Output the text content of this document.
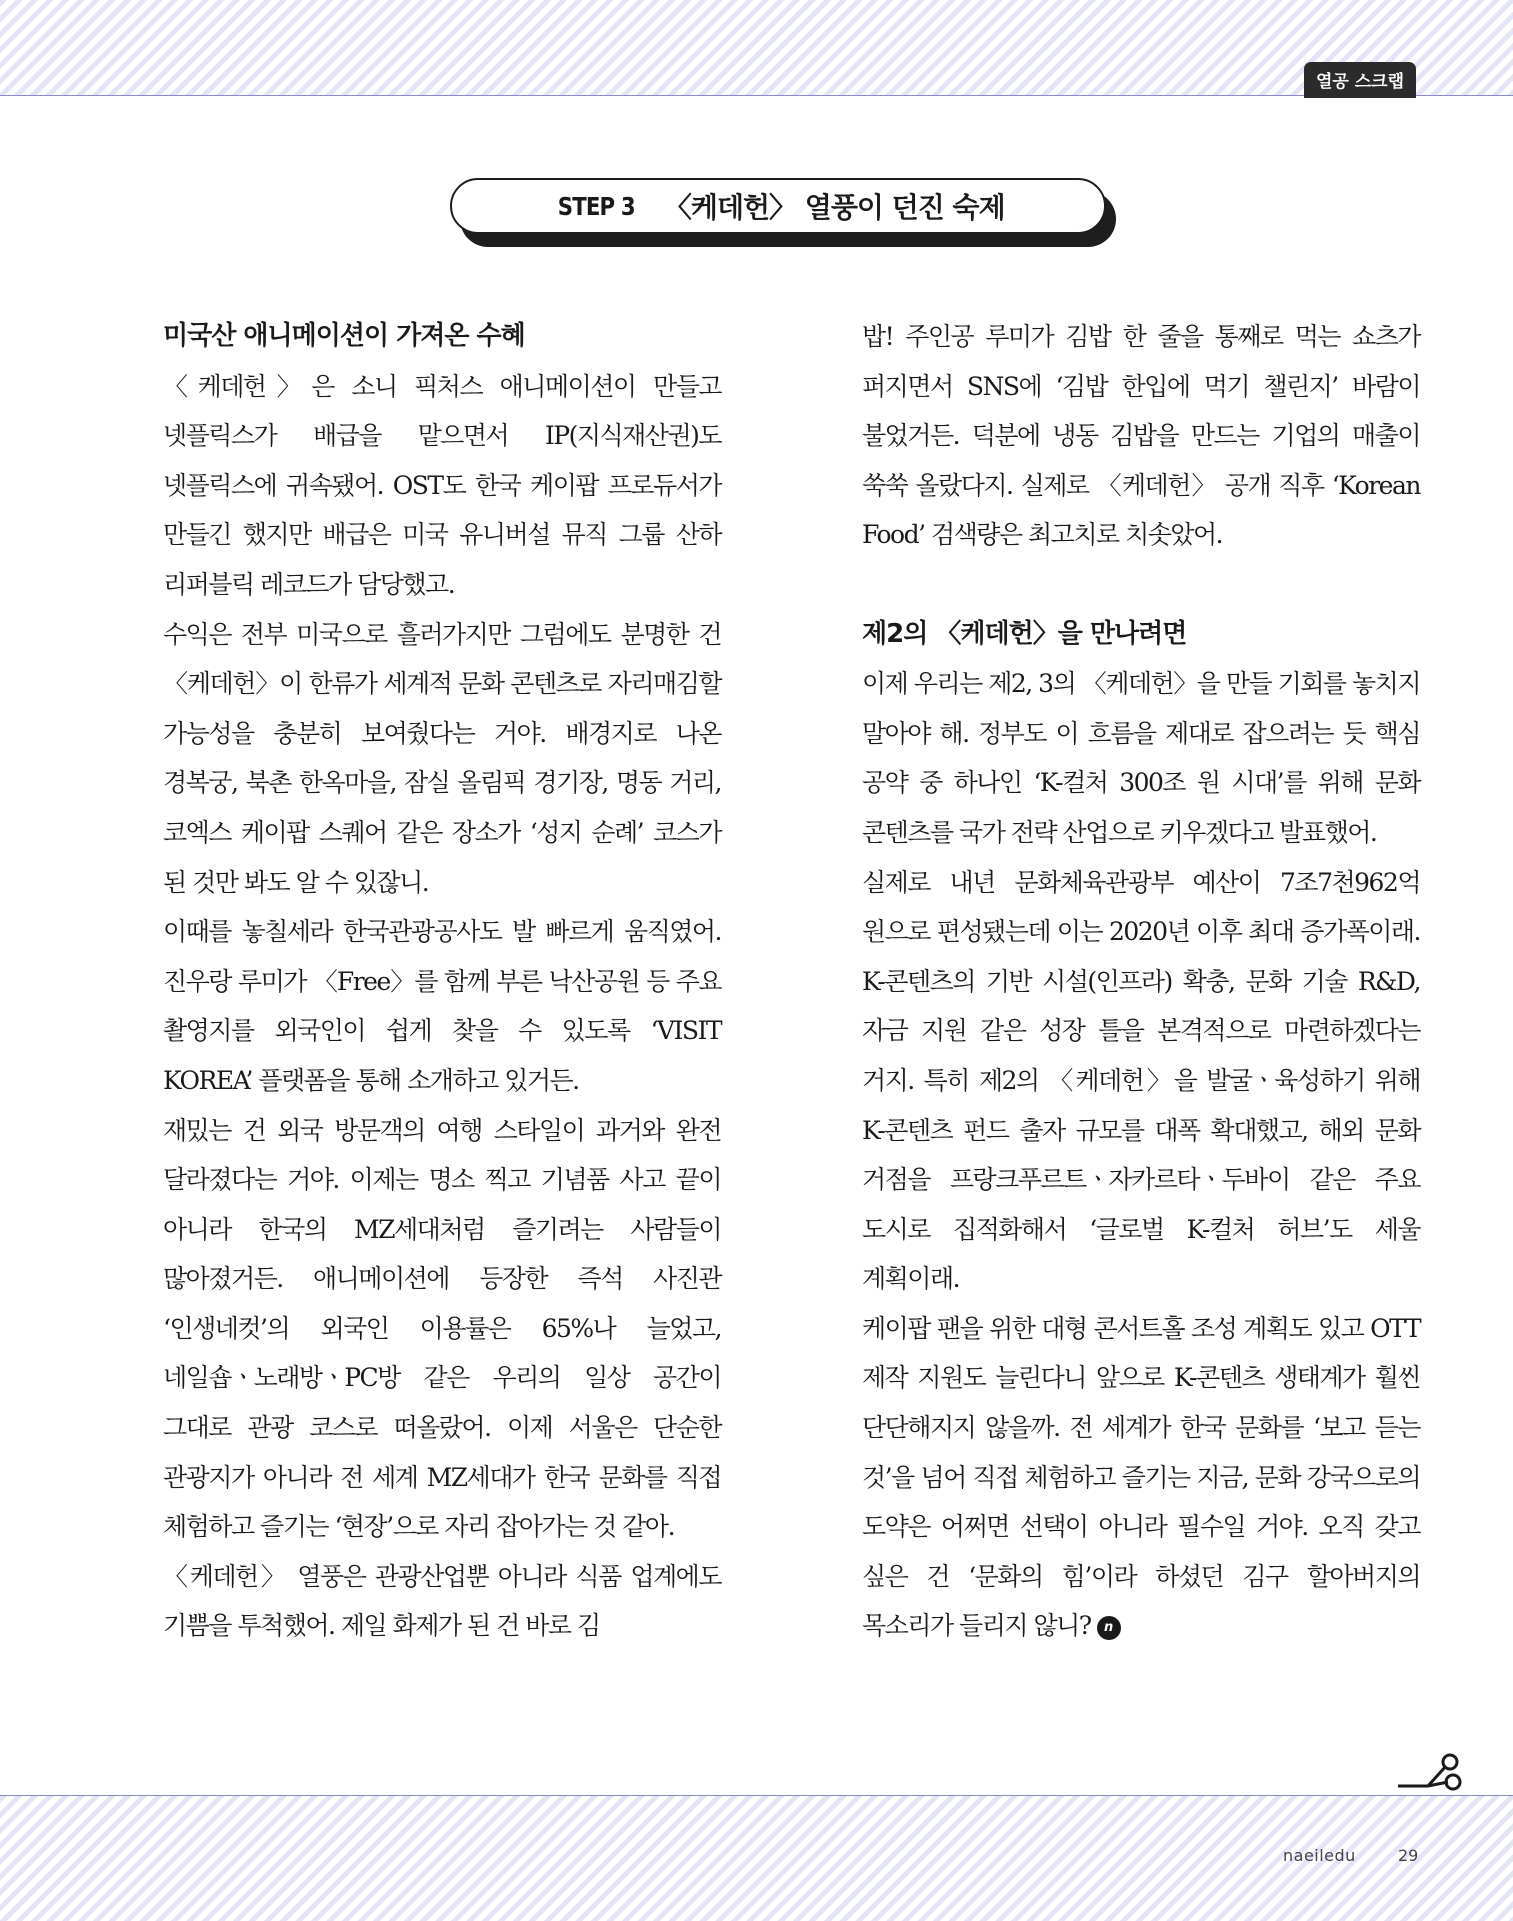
열공 스크랩
STEP 3 〈케데헌〉 열풍이 던진 숙제
미국산 애니메이션이 가져온 수혜

〈케데헌〉은 소니 픽처스 애니메이션이 만들고 넷플릭스가 배급을 맡으면서 IP(지식재산권)도 넷플릭스에 귀속됐어. OST도 한국 케이팝 프로듀서가 만들긴 했지만 배급은 미국 유니버설 뮤직 그룹 산하 리퍼블릭 레코드가 담당했고.

수익은 전부 미국으로 흘러가지만 그럼에도 분명한 건 〈케데헌〉이 한류가 세계적 문화 콘텐츠로 자리매김할 가능성을 충분히 보여줬다는 거야. 배경지로 나온 경복궁, 북촌 한옥마을, 잠실 올림픽 경기장, 명동 거리, 코엑스 케이팝 스퀘어 같은 장소가 ‘성지 순례’ 코스가 된 것만 봐도 알 수 있잖니.

이때를 놓칠세라 한국관광공사도 발 빠르게 움직였어. 진우랑 루미가 〈Free〉를 함께 부른 낙산공원 등 주요 촬영지를 외국인이 쉽게 찾을 수 있도록 ‘VISIT KOREA’ 플랫폼을 통해 소개하고 있거든.

재밌는 건 외국 방문객의 여행 스타일이 과거와 완전 달라졌다는 거야. 이제는 명소 찍고 기념품 사고 끝이 아니라 한국의 MZ세대처럼 즐기려는 사람들이 많아졌거든. 애니메이션에 등장한 즉석 사진관 ‘인생네컷’의 외국인 이용률은 65%나 늘었고, 네일숍ㆍ노래방ㆍPC방 같은 우리의 일상 공간이 그대로 관광 코스로 떠올랐어. 이제 서울은 단순한 관광지가 아니라 전 세계 MZ세대가 한국 문화를 직접 체험하고 즐기는 ‘현장’으로 자리 잡아가는 것 같아.

〈케데헌〉 열풍은 관광산업뿐 아니라 식품 업계에도 기쁨을 투척했어. 제일 화제가 된 건 바로 김

밥! 주인공 루미가 김밥 한 줄을 통째로 먹는 쇼츠가 퍼지면서 SNS에 ‘김밥 한입에 먹기 챌린지’ 바람이 불었거든. 덕분에 냉동 김밥을 만드는 기업의 매출이 쑥쑥 올랐다지. 실제로 〈케데헌〉 공개 직후 ‘Korean Food’ 검색량은 최고치로 치솟았어.

제2의 〈케데헌〉을 만나려면

이제 우리는 제2, 3의 〈케데헌〉을 만들 기회를 놓치지 말아야 해. 정부도 이 흐름을 제대로 잡으려는 듯 핵심 공약 중 하나인 ‘K-컬처 300조 원 시대’를 위해 문화 콘텐츠를 국가 전략 산업으로 키우겠다고 발표했어.

실제로 내년 문화체육관광부 예산이 7조7천962억 원으로 편성됐는데 이는 2020년 이후 최대 증가폭이래. K-콘텐츠의 기반 시설(인프라) 확충, 문화 기술 R&D, 자금 지원 같은 성장 틀을 본격적으로 마련하겠다는 거지. 특히 제2의 〈케데헌〉을 발굴ㆍ육성하기 위해 K-콘텐츠 펀드 출자 규모를 대폭 확대했고, 해외 문화 거점을 프랑크푸르트ㆍ자카르타ㆍ두바이 같은 주요 도시로 집적화해서 ‘글로벌 K-컬처 허브’도 세울 계획이래.

케이팝 팬을 위한 대형 콘서트홀 조성 계획도 있고 OTT 제작 지원도 늘린다니 앞으로 K-콘텐츠 생태계가 훨씬 단단해지지 않을까. 전 세계가 한국 문화를 ‘보고 듣는 것’을 넘어 직접 체험하고 즐기는 지금, 문화 강국으로의 도약은 어쩌면 선택이 아니라 필수일 거야. 오직 갖고 싶은 건 ‘문화의 힘’이라 하셨던 김구 할아버지의 목소리가 들리지 않니? n

naeiledu	29
